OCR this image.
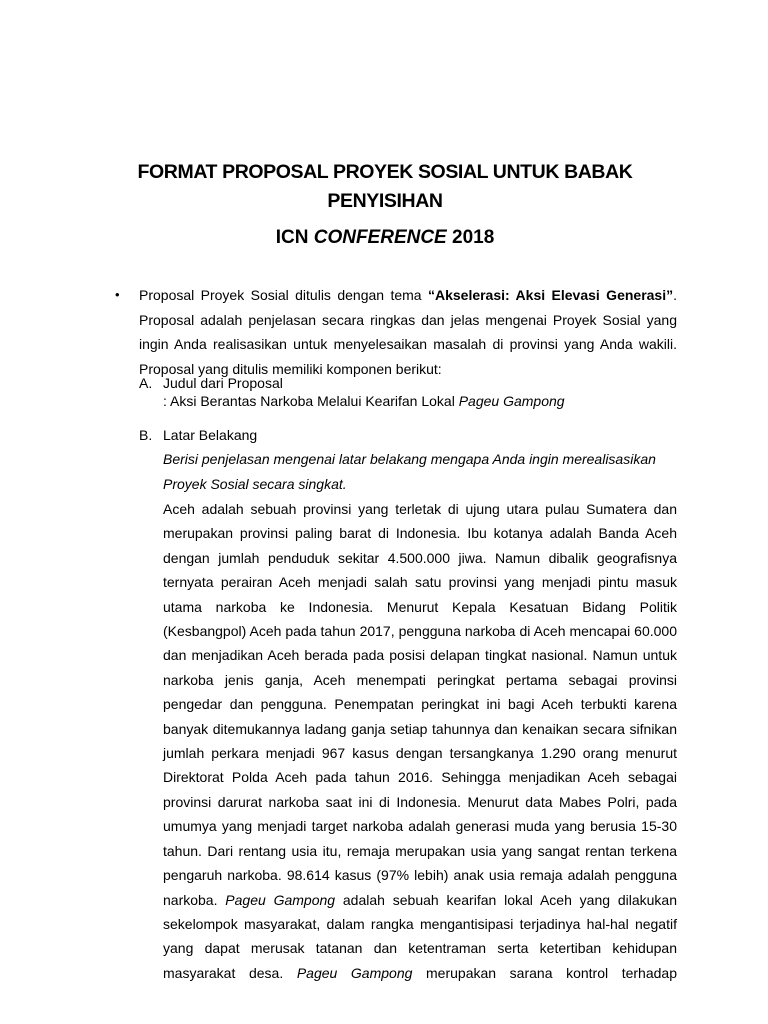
FORMAT PROPOSAL PROYEK SOSIAL UNTUK BABAK PENYISIHAN
ICN CONFERENCE 2018
• Proposal Proyek Sosial ditulis dengan tema “Akselerasi: Aksi Elevasi Generasi”. Proposal adalah penjelasan secara ringkas dan jelas mengenai Proyek Sosial yang ingin Anda realisasikan untuk menyelesaikan masalah di provinsi yang Anda wakili. Proposal yang ditulis memiliki komponen berikut:
A. Judul dari Proposal
: Aksi Berantas Narkoba Melalui Kearifan Lokal Pageu Gampong
B. Latar Belakang
Berisi penjelasan mengenai latar belakang mengapa Anda ingin merealisasikan Proyek Sosial secara singkat.
Aceh adalah sebuah provinsi yang terletak di ujung utara pulau Sumatera dan merupakan provinsi paling barat di Indonesia. Ibu kotanya adalah Banda Aceh dengan jumlah penduduk sekitar 4.500.000 jiwa. Namun dibalik geografisnya ternyata perairan Aceh menjadi salah satu provinsi yang menjadi pintu masuk utama narkoba ke Indonesia. Menurut Kepala Kesatuan Bidang Politik (Kesbangpol) Aceh pada tahun 2017, pengguna narkoba di Aceh mencapai 60.000 dan menjadikan Aceh berada pada posisi delapan tingkat nasional. Namun untuk narkoba jenis ganja, Aceh menempati peringkat pertama sebagai provinsi pengedar dan pengguna. Penempatan peringkat ini bagi Aceh terbukti karena banyak ditemukannya ladang ganja setiap tahunnya dan kenaikan secara sifnikan jumlah perkara menjadi 967 kasus dengan tersangkanya 1.290 orang menurut Direktorat Polda Aceh pada tahun 2016. Sehingga menjadikan Aceh sebagai provinsi darurat narkoba saat ini di Indonesia. Menurut data Mabes Polri, pada umumya yang menjadi target narkoba adalah generasi muda yang berusia 15-30 tahun. Dari rentang usia itu, remaja merupakan usia yang sangat rentan terkena pengaruh narkoba. 98.614 kasus (97% lebih) anak usia remaja adalah pengguna narkoba. Pageu Gampong adalah sebuah kearifan lokal Aceh yang dilakukan sekelompok masyarakat, dalam rangka mengantisipasi terjadinya hal-hal negatif yang dapat merusak tatanan dan ketentraman serta ketertiban kehidupan masyarakat desa. Pageu Gampong merupakan sarana kontrol terhadap
